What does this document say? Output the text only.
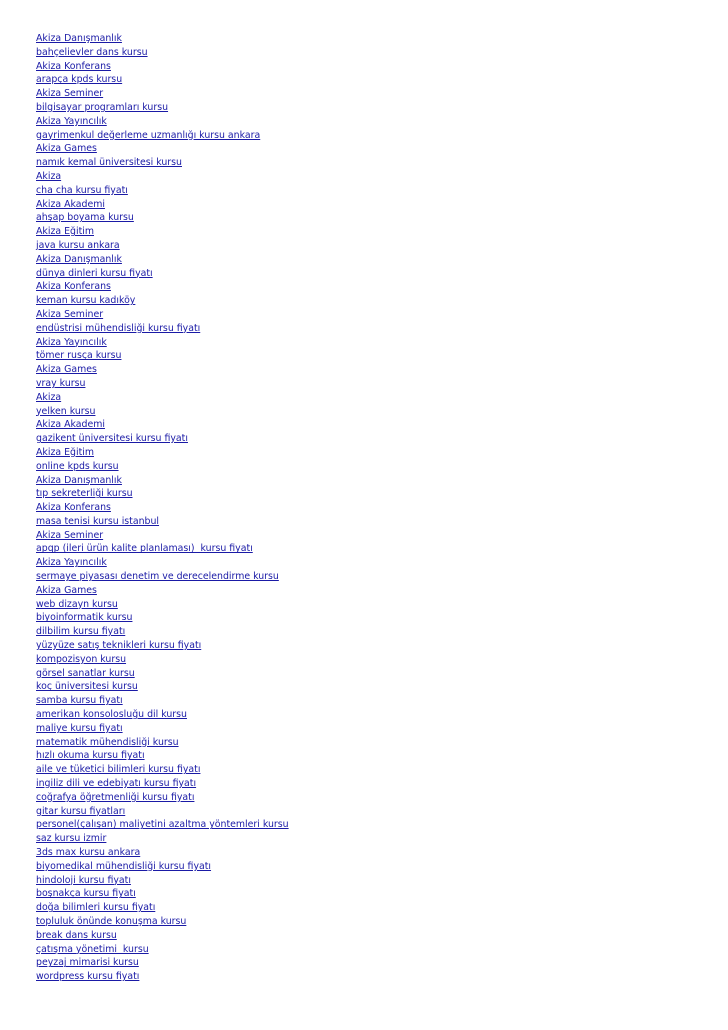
Akiza Danışmanlık
bahçelievler dans kursu
Akiza Konferans
arapça kpds kursu
Akiza Seminer
bilgisayar programları kursu
Akiza Yayıncılık
gayrimenkul değerleme uzmanlığı kursu ankara
Akiza Games
namık kemal üniversitesi kursu
Akiza
cha cha kursu fiyatı
Akiza Akademi
ahşap boyama kursu
Akiza Eğitim
java kursu ankara
Akiza Danışmanlık
dünya dinleri kursu fiyatı
Akiza Konferans
keman kursu kadıköy
Akiza Seminer
endüstrisi mühendisliği kursu fiyatı
Akiza Yayıncılık
tömer rusça kursu
Akiza Games
vray kursu
Akiza
yelken kursu
Akiza Akademi
gazikent üniversitesi kursu fiyatı
Akiza Eğitim
online kpds kursu
Akiza Danışmanlık
tıp sekreterliği kursu
Akiza Konferans
masa tenisi kursu istanbul
Akiza Seminer
apqp (ileri ürün kalite planlaması)  kursu fiyatı
Akiza Yayıncılık
sermaye piyasası denetim ve derecelendirme kursu
Akiza Games
web dizayn kursu
biyoinformatik kursu
dilbilim kursu fiyatı
yüzyüze satış teknikleri kursu fiyatı
kompozisyon kursu
görsel sanatlar kursu
koç üniversitesi kursu
samba kursu fiyatı
amerikan konsolosluğu dil kursu
maliye kursu fiyatı
matematik mühendisliği kursu
hızlı okuma kursu fiyatı
aile ve tüketici bilimleri kursu fiyatı
ingiliz dili ve edebiyatı kursu fiyatı
coğrafya öğretmenliği kursu fiyatı
gitar kursu fiyatları
personel(çalışan) maliyetini azaltma yöntemleri kursu
saz kursu izmir
3ds max kursu ankara
biyomedikal mühendisliği kursu fiyatı
hindoloji kursu fiyatı
boşnakça kursu fiyatı
doğa bilimleri kursu fiyatı
topluluk önünde konuşma kursu
break dans kursu
çatışma yönetimi  kursu
peyzaj mimarisi kursu
wordpress kursu fiyatı
